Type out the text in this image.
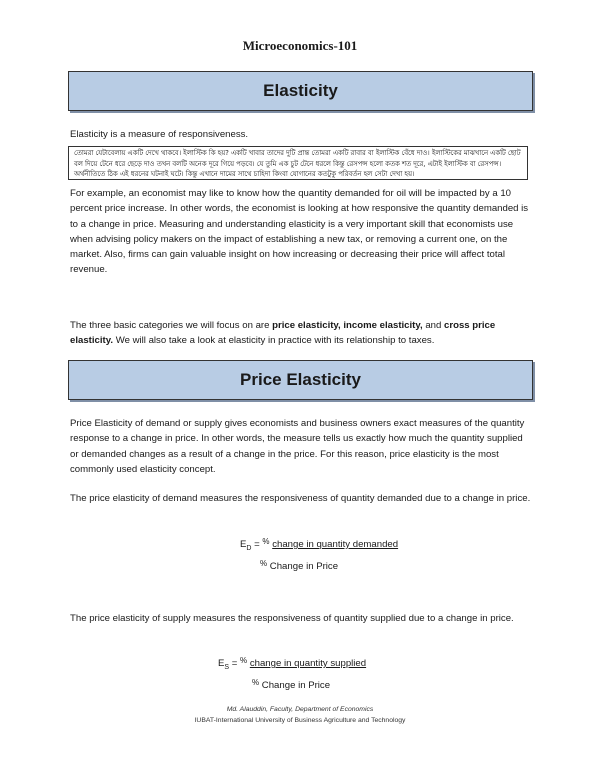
Microeconomics-101
Elasticity

Elasticity is a measure of responsiveness.

তোমরা যেটাবেলায় একটি দেখে থাকবে। ইলাস্টিক কি হয়? একটি খাবার তাদের দুটি প্রান্ত তোমরা একটি রাবার বা ইলাস্টিক বেঁধে দাও। ইলাস্টিকের মাঝখানে একটি ছোট বল দিয়ে টেনে ধরে ছেড়ে দাও তখন বলটি অনেক দূরে গিয়ে পড়বে। যে তুমি এক চুট টেনে ধরলে কিন্তু রেসপন্স হলো কতক শত দূরে, এটাই ইলাস্টিক বা রেসপন্স। অর্থনীতিতে ঠিক এই ধরনের ঘটনাই ঘটে। কিন্তু এখানে দামের সাথে চাহিদা কিংবা যোগানের কতটুকু পরিবর্তন হল সেটা দেখা হয়।

For example, an economist may like to know how the quantity demanded for oil will be impacted by a 10 percent price increase. In other words, the economist is looking at how responsive the quantity demanded is to a change in price. Measuring and understanding elasticity is a very important skill that economists use when advising policy makers on the impact of establishing a new tax, or removing a current one, on the market. Also, firms can gain valuable insight on how increasing or decreasing their price will affect total revenue.

The three basic categories we will focus on are price elasticity, income elasticity, and cross price elasticity. We will also take a look at elasticity in practice with its relationship to taxes.

Price Elasticity

Price Elasticity of demand or supply gives economists and business owners exact measures of the quantity response to a change in price. In other words, the measure tells us exactly how much the quantity supplied or demanded changes as a result of a change in the price. For this reason, price elasticity is the most commonly used elasticity concept.

The price elasticity of demand measures the responsiveness of quantity demanded due to a change in price.

$E_D = ^{\%}$ change in quantity demanded
% Change in Price

The price elasticity of supply measures the responsiveness of quantity supplied due to a change in price.

$E_S = ^{\%}$ change in quantity supplied
% Change in Price
Md. Alauddin, Faculty, Department of Economics
IUBAT-International University of Business Agriculture and Technology
